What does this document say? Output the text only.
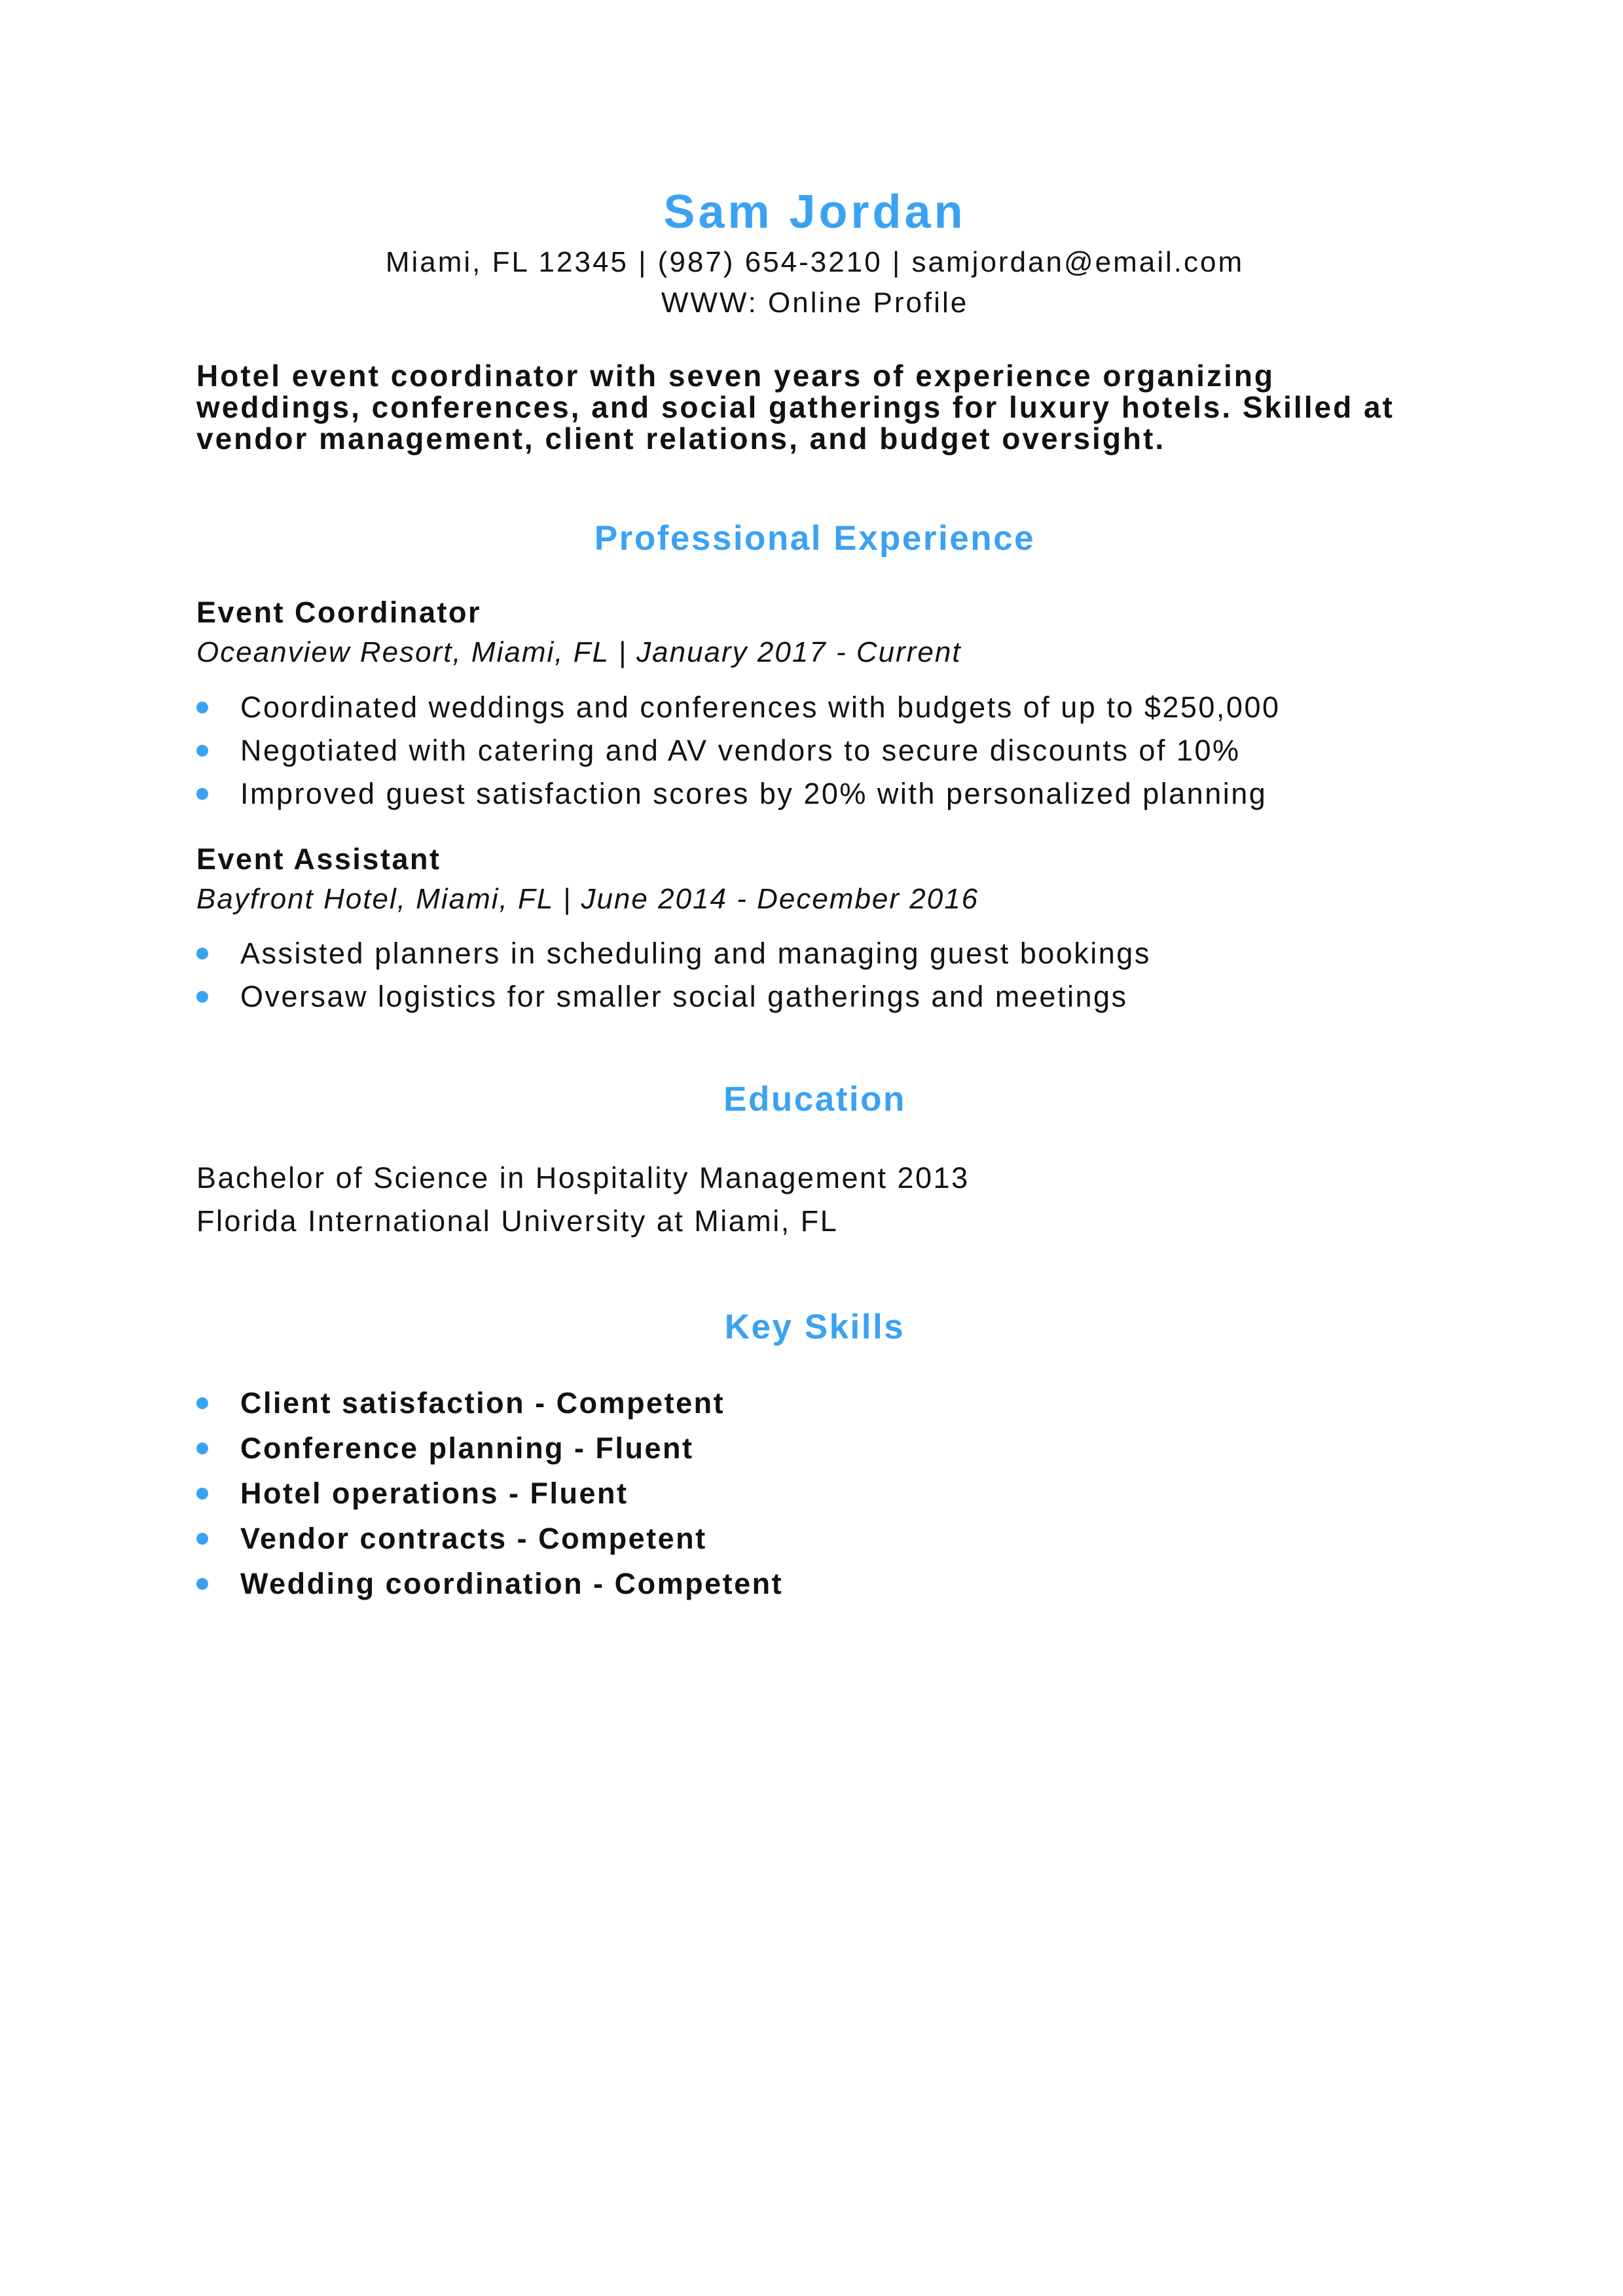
Sam Jordan
Miami, FL 12345 | (987) 654-3210 | samjordan@email.com
WWW: Online Profile

Hotel event coordinator with seven years of experience organizing weddings, conferences, and social gatherings for luxury hotels. Skilled at vendor management, client relations, and budget oversight.

Professional Experience
Event Coordinator
Oceanview Resort, Miami, FL | January 2017 - Current
Coordinated weddings and conferences with budgets of up to $250,000
Negotiated with catering and AV vendors to secure discounts of 10%
Improved guest satisfaction scores by 20% with personalized planning
Event Assistant
Bayfront Hotel, Miami, FL | June 2014 - December 2016
Assisted planners in scheduling and managing guest bookings
Oversaw logistics for smaller social gatherings and meetings
Education
Bachelor of Science in Hospitality Management 2013
Florida International University at Miami, FL
Key Skills
Client satisfaction - Competent
Conference planning - Fluent
Hotel operations - Fluent
Vendor contracts - Competent
Wedding coordination - Competent
